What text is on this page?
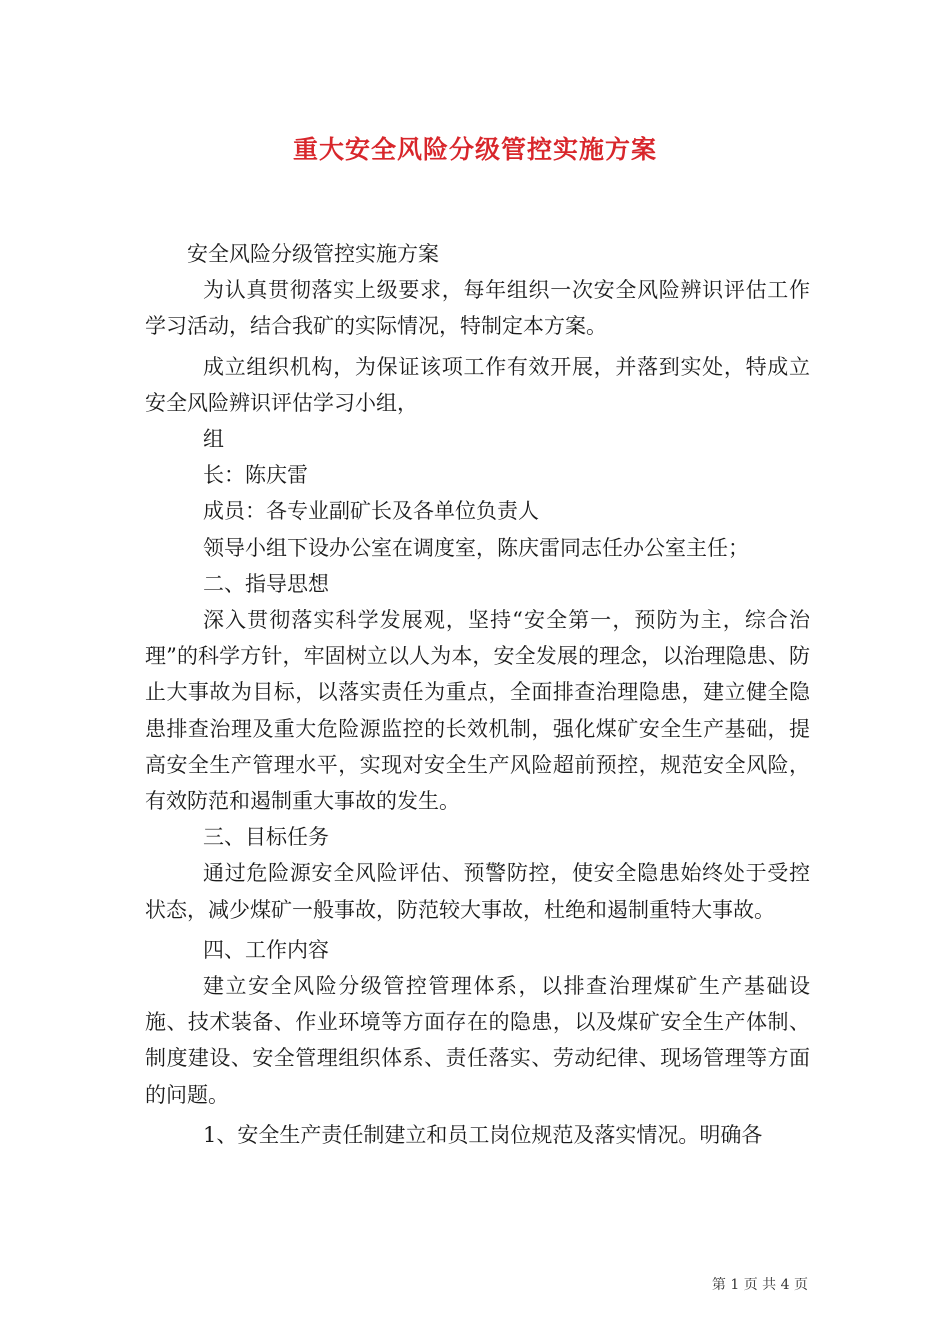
重大安全风险分级管控实施方案

安全风险分级管控实施方案

为认真贯彻落实上级要求，每年组织一次安全风险辨识评估工作学习活动，结合我矿的实际情况，特制定本方案。

成立组织机构，为保证该项工作有效开展，并落到实处，特成立安全风险辨识评估学习小组，

组

长：陈庆雷

成员：各专业副矿长及各单位负责人

领导小组下设办公室在调度室，陈庆雷同志任办公室主任；

二、指导思想

深入贯彻落实科学发展观，坚持“安全第一，预防为主，综合治理”的科学方针，牢固树立以人为本，安全发展的理念，以治理隐患、防止大事故为目标，以落实责任为重点，全面排查治理隐患，建立健全隐患排查治理及重大危险源监控的长效机制，强化煤矿安全生产基础，提高安全生产管理水平，实现对安全生产风险超前预控，规范安全风险，有效防范和遏制重大事故的发生。

三、目标任务

通过危险源安全风险评估、预警防控，使安全隐患始终处于受控状态，减少煤矿一般事故，防范较大事故，杜绝和遏制重特大事故。

四、工作内容

建立安全风险分级管控管理体系，以排查治理煤矿生产基础设施、技术装备、作业环境等方面存在的隐患，以及煤矿安全生产体制、制度建设、安全管理组织体系、责任落实、劳动纪律、现场管理等方面的问题。

1、安全生产责任制建立和员工岗位规范及落实情况。明确各

第 1 页 共 4 页
